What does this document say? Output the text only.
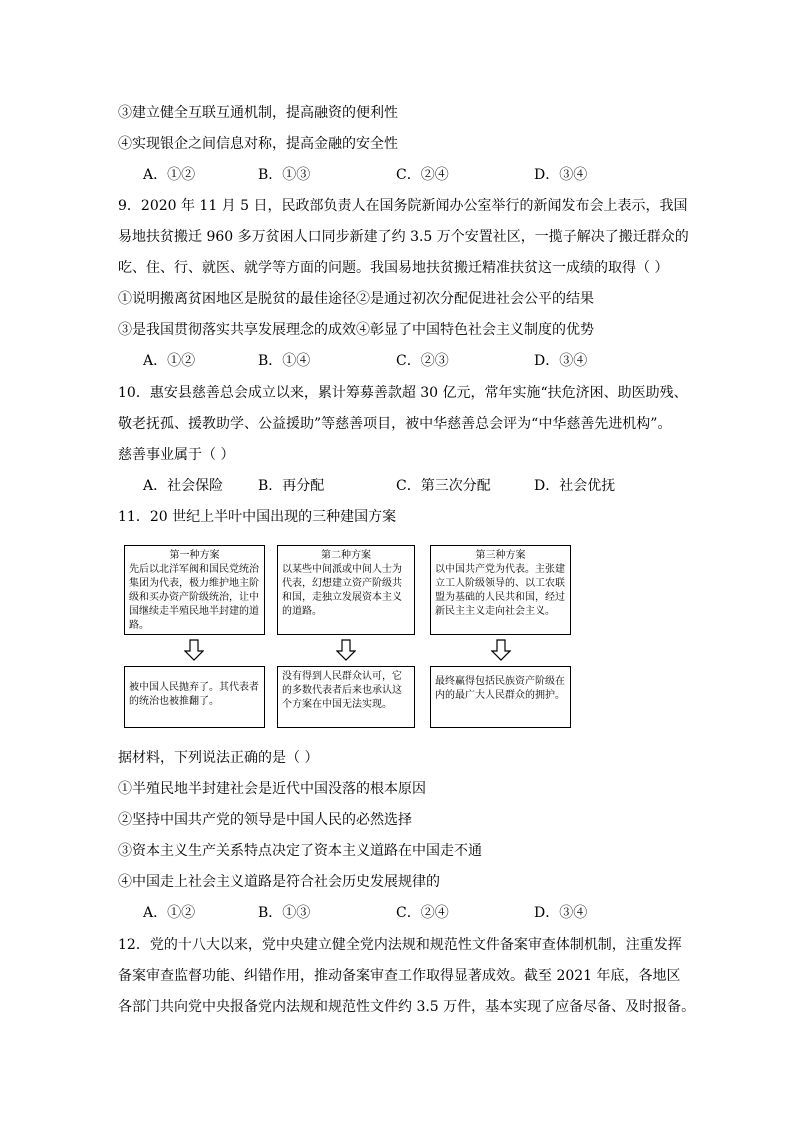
③建立健全互联互通机制，提高融资的便利性
④实现银企之间信息对称，提高金融的安全性
A．①②	B．①③	C．②④	D．③④
9．2020 年 11 月 5 日，民政部负责人在国务院新闻办公室举行的新闻发布会上表示，我国
易地扶贫搬迁 960 多万贫困人口同步新建了约 3.5 万个安置社区，一揽子解决了搬迁群众的
吃、住、行、就医、就学等方面的问题。我国易地扶贫搬迁精准扶贫这一成绩的取得（ ）
①说明搬离贫困地区是脱贫的最佳途径②是通过初次分配促进社会公平的结果
③是我国贯彻落实共享发展理念的成效④彰显了中国特色社会主义制度的优势
A．①②	B．①④	C．②③	D．③④
10．惠安县慈善总会成立以来，累计筹募善款超 30 亿元，常年实施“扶危济困、助医助残、
敬老抚孤、援教助学、公益援助”等慈善项目，被中华慈善总会评为“中华慈善先进机构”。
慈善事业属于（ ）
A．社会保险 B．再分配	C．第三次分配	D．社会优抚
11．20 世纪上半叶中国出现的三种建国方案
第一种方案
先后以北洋军阀和国民党统治集团为代表，极力维护地主阶级和买办资产阶级统治，让中国继续走半殖民地半封建的道路。
第二种方案
以某些中间派或中间人士为代表，幻想建立资产阶级共和国，走独立发展资本主义的道路。
第三种方案
以中国共产党为代表。主张建立工人阶级领导的、以工农联盟为基础的人民共和国，经过新民主主义走向社会主义。
被中国人民抛弃了。其代表者的统治也被推翻了。
没有得到人民群众认可，它的多数代表者后来也承认这个方案在中国无法实现。
最终赢得包括民族资产阶级在内的最广大人民群众的拥护。
据材料，下列说法正确的是（ ）
①半殖民地半封建社会是近代中国没落的根本原因
②坚持中国共产党的领导是中国人民的必然选择
③资本主义生产关系特点决定了资本主义道路在中国走不通
④中国走上社会主义道路是符合社会历史发展规律的
A．①②	B．①③	C．②④	D．③④
12．党的十八大以来，党中央建立健全党内法规和规范性文件备案审查体制机制，注重发挥
备案审查监督功能、纠错作用，推动备案审查工作取得显著成效。截至 2021 年底，各地区
各部门共向党中央报备党内法规和规范性文件约 3.5 万件，基本实现了应备尽备、及时报备。
